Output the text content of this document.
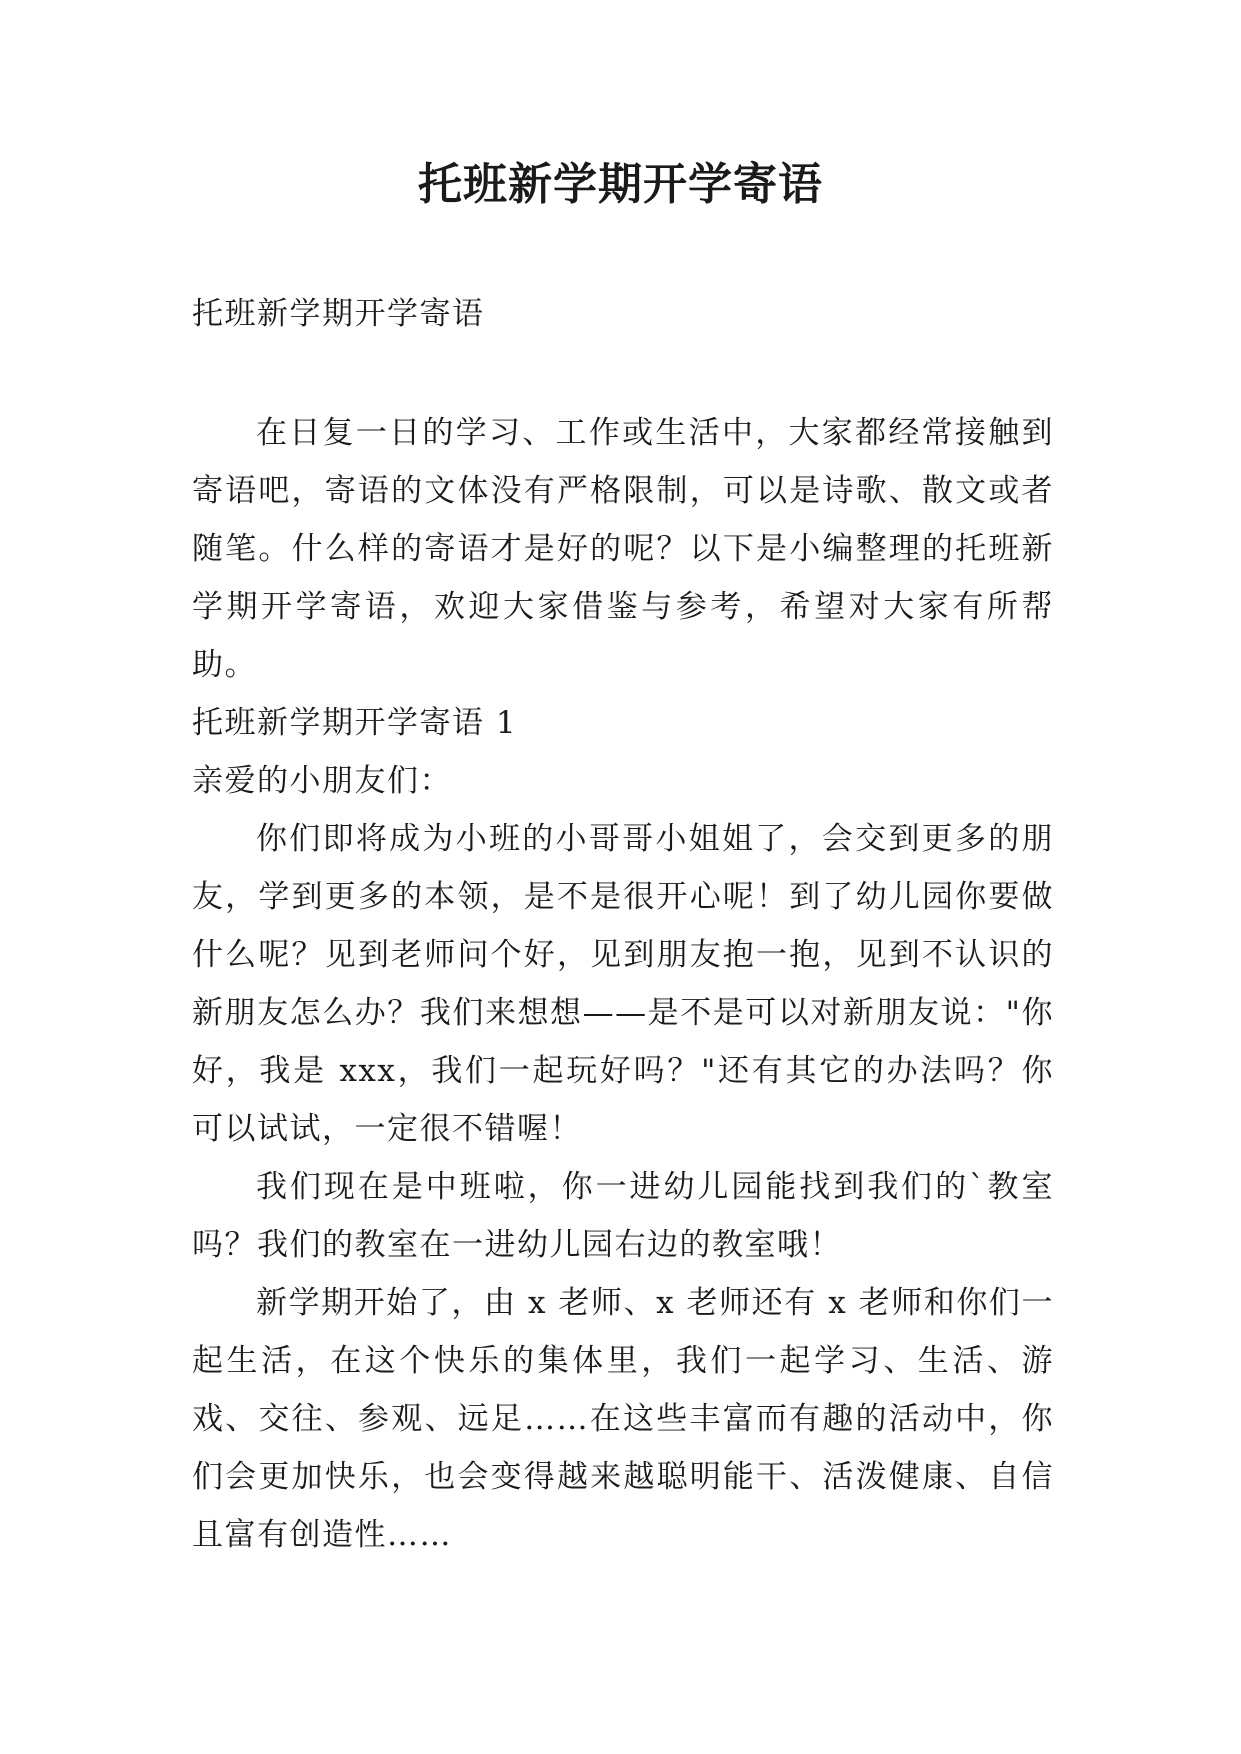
托班新学期开学寄语

托班新学期开学寄语

在日复一日的学习、工作或生活中，大家都经常接触到寄语吧，寄语的文体没有严格限制，可以是诗歌、散文或者随笔。什么样的寄语才是好的呢？以下是小编整理的托班新学期开学寄语，欢迎大家借鉴与参考，希望对大家有所帮助。

托班新学期开学寄语 1

亲爱的小朋友们：

你们即将成为小班的小哥哥小姐姐了，会交到更多的朋友，学到更多的本领，是不是很开心呢！到了幼儿园你要做什么呢？见到老师问个好，见到朋友抱一抱，见到不认识的新朋友怎么办？我们来想想——是不是可以对新朋友说："你好，我是 xxx，我们一起玩好吗？"还有其它的办法吗？你可以试试，一定很不错喔！

我们现在是中班啦，你一进幼儿园能找到我们的`教室吗？我们的教室在一进幼儿园右边的教室哦！

新学期开始了，由 x 老师、x 老师还有 x 老师和你们一起生活，在这个快乐的集体里，我们一起学习、生活、游戏、交往、参观、远足……在这些丰富而有趣的活动中，你们会更加快乐，也会变得越来越聪明能干、活泼健康、自信且富有创造性……
